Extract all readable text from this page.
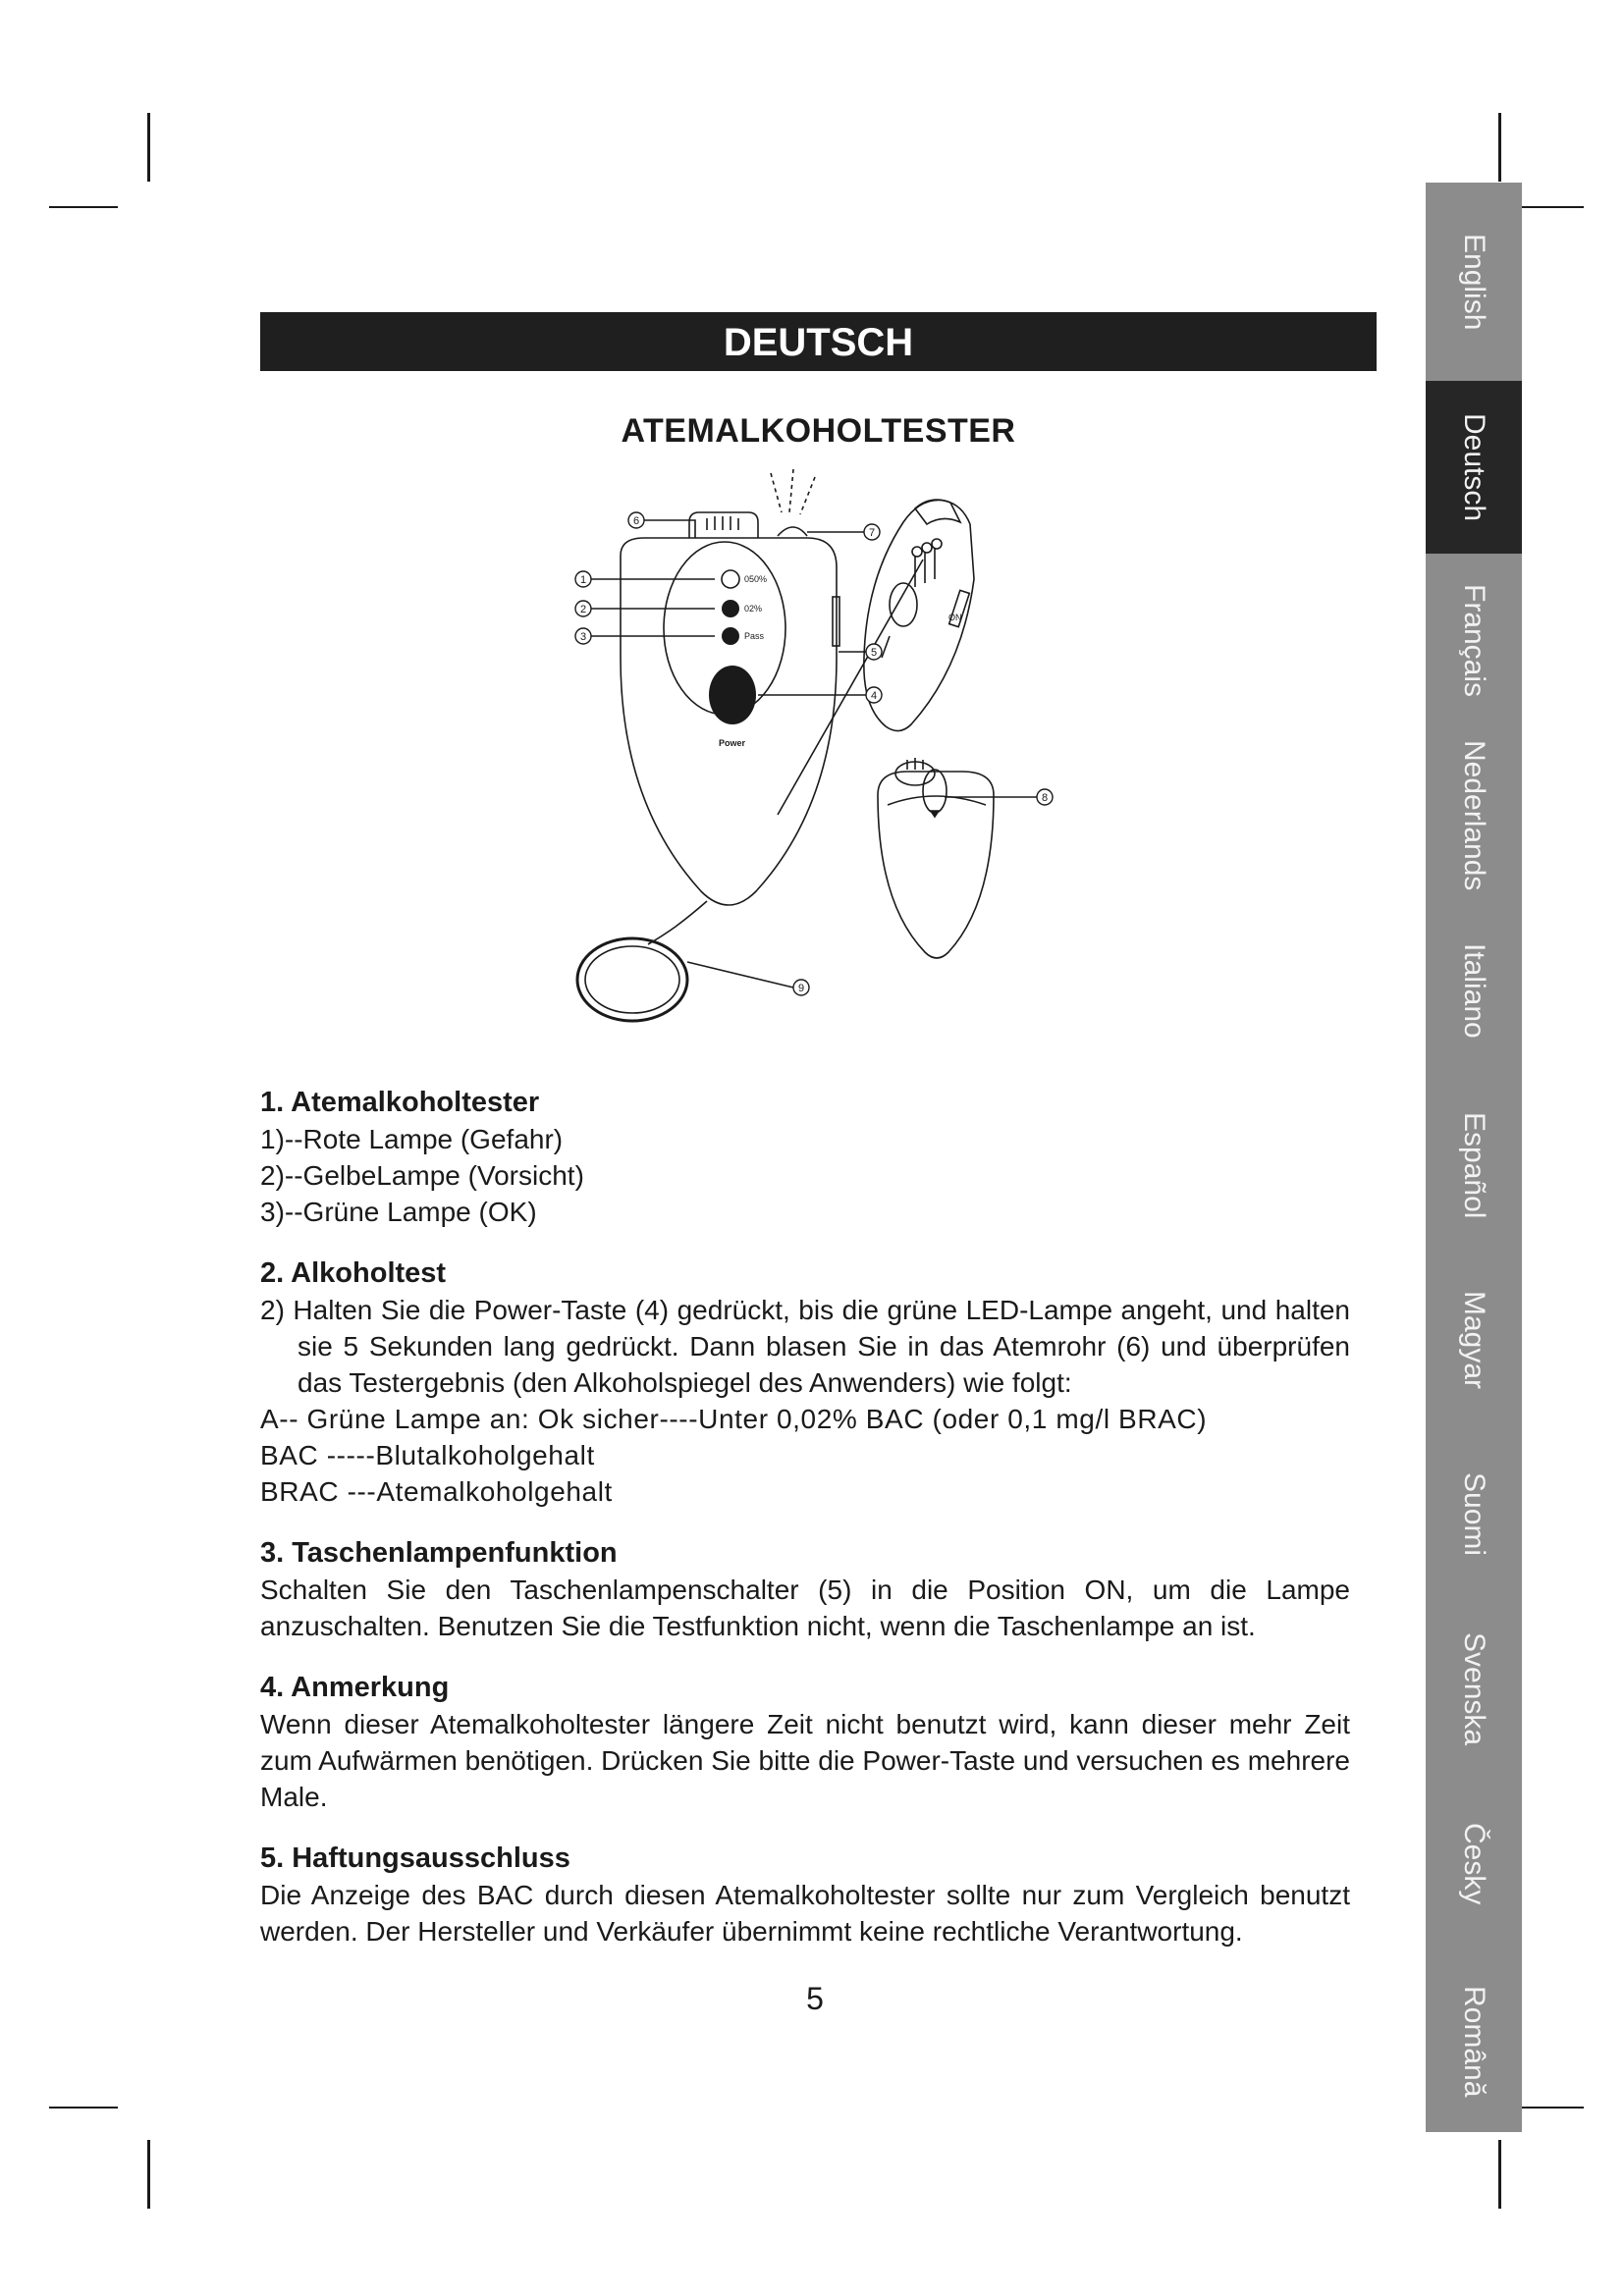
DEUTSCH
ATEMALKOHOLTESTER
050%
02%
Pass
Power
ON
1
2
3
4
5
6
7
8
9
1. Atemalkoholtester

1)--Rote Lampe (Gefahr)

2)--GelbeLampe (Vorsicht)

3)--Grüne Lampe (OK)

2. Alkoholtest

2) Halten Sie die Power-Taste (4) gedrückt, bis die grüne LED-Lampe angeht, und halten sie 5 Sekunden lang gedrückt. Dann blasen Sie in das Atemrohr (6) und überprüfen das Testergebnis (den Alkoholspiegel des Anwenders) wie folgt:

A-- Grüne Lampe an: Ok sicher----Unter 0,02% BAC (oder 0,1 mg/l BRAC)

BAC -----Blutalkoholgehalt

BRAC ---Atemalkoholgehalt

3. Taschenlampenfunktion

Schalten Sie den Taschenlampenschalter (5) in die Position ON, um die Lampe anzuschalten. Benutzen Sie die Testfunktion nicht, wenn die Taschenlampe an ist.

4. Anmerkung

Wenn dieser Atemalkoholtester längere Zeit nicht benutzt wird, kann dieser mehr Zeit zum Aufwärmen benötigen. Drücken Sie bitte die Power-Taste und versuchen es mehrere Male.

5. Haftungsausschluss

Die Anzeige des BAC durch diesen Atemalkoholtester sollte nur zum Vergleich benutzt werden. Der Hersteller und Verkäufer übernimmt keine rechtliche Verantwortung.

5
English
Deutsch
Français
Nederlands
Italiano
Español
Magyar
Suomi
Svenska
Česky
Română
